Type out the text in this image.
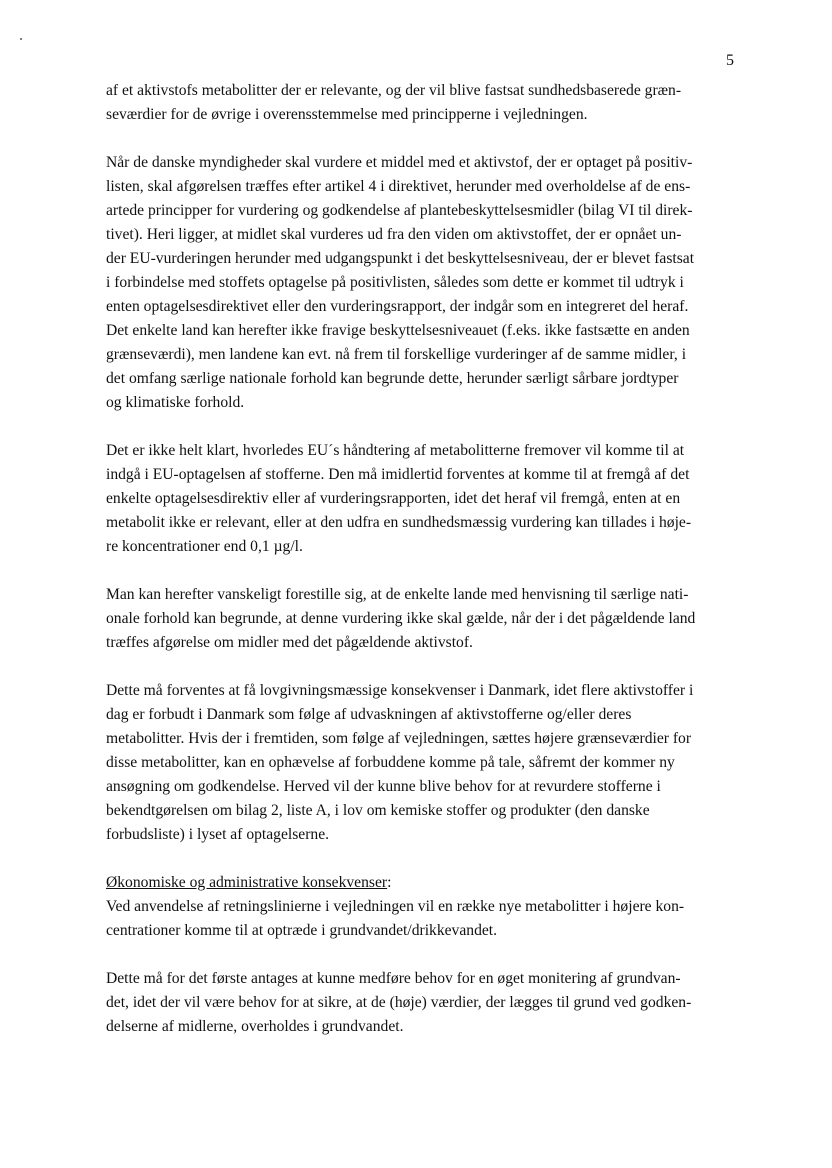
5
af et aktivstofs metabolitter der er relevante, og der vil blive fastsat sundhedsbaserede græn-
seværdier for de øvrige i overensstemmelse med principperne i vejledningen.
Når de danske myndigheder skal vurdere et middel med et aktivstof, der er optaget på positiv-
listen, skal afgørelsen træffes efter artikel 4 i direktivet, herunder med overholdelse af de ens-
artede principper for vurdering og godkendelse af plantebeskyttelsesmidler (bilag VI til direk-
tivet). Heri ligger, at midlet skal vurderes ud fra den viden om aktivstoffet, der er opnået un-
der EU-vurderingen herunder med udgangspunkt i det beskyttelsesniveau, der er blevet fastsat
i forbindelse med stoffets optagelse på positivlisten, således som dette er kommet til udtryk i
enten optagelsesdirektivet eller den vurderingsrapport, der indgår som en integreret del heraf.
Det enkelte land kan herefter ikke fravige beskyttelsesniveauet (f.eks. ikke fastsætte en anden
grænseværdi), men landene kan evt. nå frem til forskellige vurderinger af de samme midler, i
det omfang særlige nationale forhold kan begrunde dette, herunder særligt sårbare jordtyper
og klimatiske forhold.
Det er ikke helt klart, hvorledes EU´s håndtering af metabolitterne fremover vil komme til at
indgå i EU-optagelsen af stofferne. Den må imidlertid forventes at komme til at fremgå af det
enkelte optagelsesdirektiv eller af vurderingsrapporten, idet det heraf vil fremgå, enten at en
metabolit ikke er relevant, eller at den udfra en sundhedsmæssig vurdering kan tillades i høje-
re koncentrationer end 0,1 µg/l.
Man kan herefter vanskeligt forestille sig, at de enkelte lande med henvisning til særlige nati-
onale forhold kan begrunde, at denne vurdering ikke skal gælde, når der i det pågældende land
træffes afgørelse om midler med det pågældende aktivstof.
Dette må forventes at få lovgivningsmæssige konsekvenser i Danmark, idet flere aktivstoffer i
dag er forbudt i Danmark som følge af udvaskningen af aktivstofferne og/eller deres
metabolitter. Hvis der i fremtiden, som følge af vejledningen, sættes højere grænseværdier for
disse metabolitter, kan en ophævelse af forbuddene komme på tale, såfremt der kommer ny
ansøgning om godkendelse. Herved vil der kunne blive behov for at revurdere stofferne i
bekendtgørelsen om bilag 2, liste A, i lov om kemiske stoffer og produkter (den danske
forbudsliste) i lyset af optagelserne.
Økonomiske og administrative konsekvenser:
Ved anvendelse af retningslinierne i vejledningen vil en række nye metabolitter i højere kon-
centrationer komme til at optræde i grundvandet/drikkevandet.
Dette må for det første antages at kunne medføre behov for en øget monitering af grundvan-
det, idet der vil være behov for at sikre, at de (høje) værdier, der lægges til grund ved godken-
delserne af midlerne, overholdes i grundvandet.
